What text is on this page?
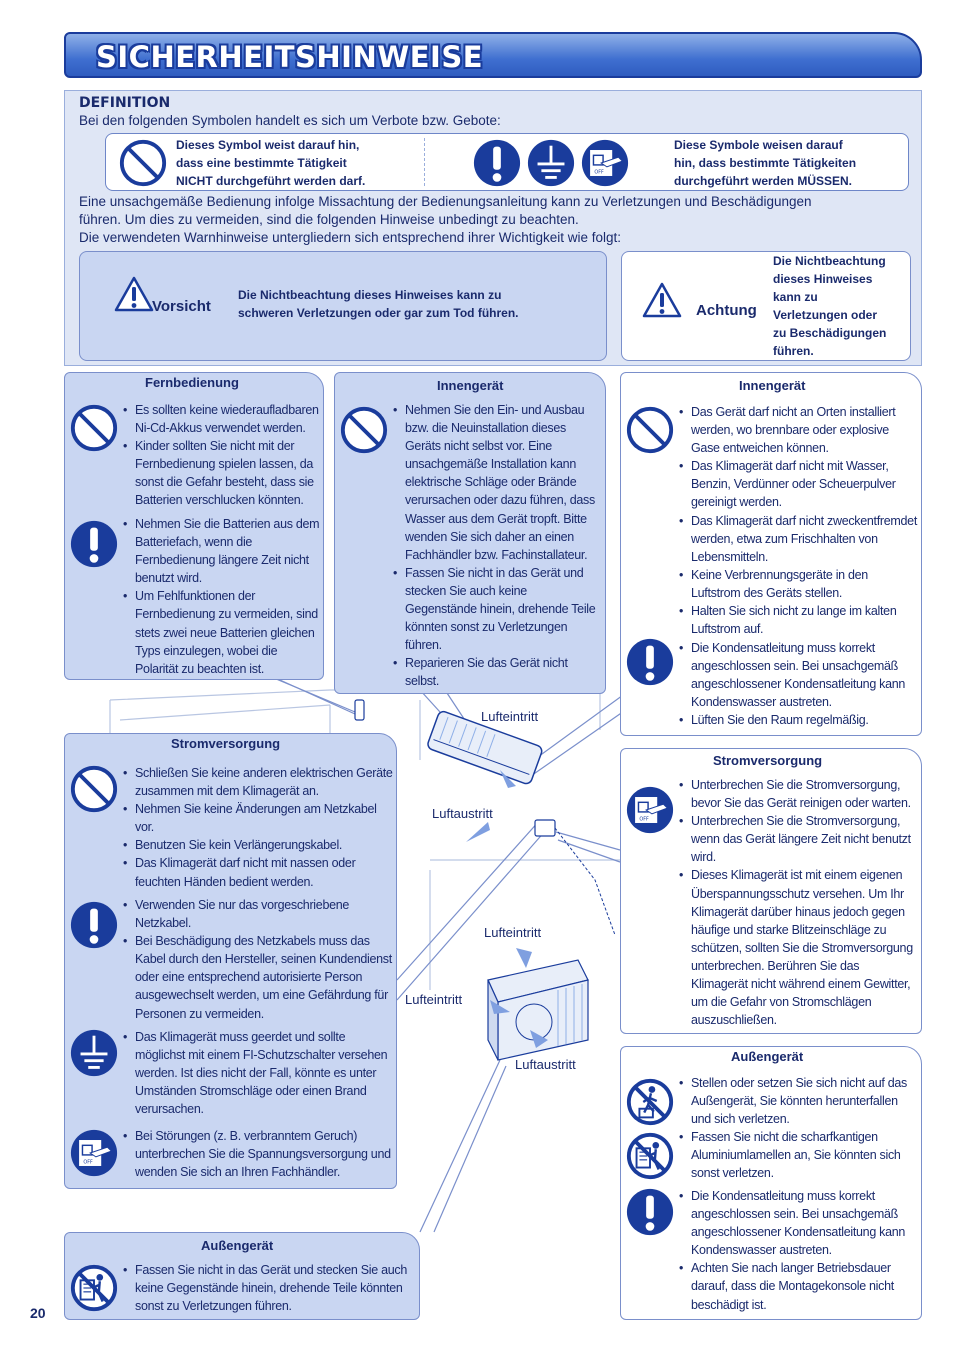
SICHERHEITSHINWEISE
DEFINITION
Bei den folgenden Symbolen handelt es sich um Verbote bzw. Gebote:
Dieses Symbol weist darauf hin,
dass eine bestimmte Tätigkeit
NICHT durchgeführt werden darf.
Diese Symbole weisen darauf
hin, dass bestimmte Tätigkeiten
durchgeführt werden MÜSSEN.
Eine unsachgemäße Bedienung infolge Missachtung der Bedienungsanleitung kann zu Verletzungen und Beschädigungen
führen. Um dies zu vermeiden, sind die folgenden Hinweise unbedingt zu beachten.
Die verwendeten Warnhinweise untergliedern sich entsprechend ihrer Wichtigkeit wie folgt:
Vorsicht
Die Nichtbeachtung dieses Hinweises kann zu
schweren Verletzungen oder gar zum Tod führen.	Achtung
Die Nichtbeachtung
dieses Hinweises
kann zu
Verletzungen oder
zu Beschädigungen
führen.
Lufteintritt
Luftaustritt
Lufteintritt
Lufteintritt
Luftaustritt
Fernbedienung
• Es sollten keine wiederaufladbaren Ni-Cd-Akkus verwendet werden.
• Kinder sollten Sie nicht mit der Fernbedienung spielen lassen, da sonst die Gefahr besteht, dass sie Batterien verschlucken könnten.
• Nehmen Sie die Batterien aus dem Batteriefach, wenn die Fernbedienung längere Zeit nicht benutzt wird.
• Um Fehlfunktionen der Fernbedienung zu vermeiden, sind stets zwei neue Batterien gleichen Typs einzulegen, wobei die Polarität zu beachten ist.
Innengerät
• Nehmen Sie den Ein- und Ausbau bzw. die Neuinstallation dieses Geräts nicht selbst vor. Eine unsachgemäße Installation kann elektrische Schläge oder Brände verursachen oder dazu führen, dass Wasser aus dem Gerät tropft. Bitte wenden Sie sich daher an einen Fachhändler bzw. Fachinstallateur.
• Fassen Sie nicht in das Gerät und stecken Sie auch keine Gegenstände hinein, drehende Teile könnten sonst zu Verletzungen führen.
• Reparieren Sie das Gerät nicht selbst.
Innengerät
• Das Gerät darf nicht an Orten installiert werden, wo brennbare oder explosive Gase entweichen können.
• Das Klimagerät darf nicht mit Wasser, Benzin, Verdünner oder Scheuerpulver gereinigt werden.
• Das Klimagerät darf nicht zweckentfremdet werden, etwa zum Frischhalten von Lebensmitteln.
• Keine Verbrennungsgeräte in den Luftstrom des Geräts stellen.
• Halten Sie sich nicht zu lange im kalten Luftstrom auf.
• Die Kondensatleitung muss korrekt angeschlossen sein. Bei unsachgemäß angeschlossener Kondensatleitung kann Kondenswasser austreten.
• Lüften Sie den Raum regelmäßig.
Stromversorgung
• Schließen Sie keine anderen elektrischen Geräte zusammen mit dem Klimagerät an.
• Nehmen Sie keine Änderungen am Netzkabel vor.
• Benutzen Sie kein Verlängerungskabel.
• Das Klimagerät darf nicht mit nassen oder feuchten Händen bedient werden.
• Verwenden Sie nur das vorgeschriebene Netzkabel.
• Bei Beschädigung des Netzkabels muss das Kabel durch den Hersteller, seinen Kundendienst oder eine entsprechend autorisierte Person ausgewechselt werden, um eine Gefährdung für Personen zu vermeiden.
• Das Klimagerät muss geerdet und sollte möglichst mit einem FI-Schutzschalter versehen werden. Ist dies nicht der Fall, könnte es unter Umständen Stromschläge oder einen Brand verursachen.
• Bei Störungen (z. B. verbranntem Geruch) unterbrechen Sie die Spannungsversorgung und wenden Sie sich an Ihren Fachhändler.
Stromversorgung
• Unterbrechen Sie die Stromversorgung, bevor Sie das Gerät reinigen oder warten.
• Unterbrechen Sie die Stromversorgung, wenn das Gerät längere Zeit nicht benutzt wird.
• Dieses Klimagerät ist mit einem eigenen Überspannungsschutz versehen. Um Ihr Klimagerät darüber hinaus jedoch gegen häufige und starke Blitzeinschläge zu schützen, sollten Sie die Stromversorgung unterbrechen. Berühren Sie das Klimagerät nicht während einem Gewitter, um die Gefahr von Stromschlägen auszuschließen.
Außengerät
• Fassen Sie nicht in das Gerät und stecken Sie auch keine Gegenstände hinein, drehende Teile könnten sonst zu Verletzungen führen.
Außengerät
• Stellen oder setzen Sie sich nicht auf das Außengerät, Sie könnten herunterfallen und sich verletzen.
• Fassen Sie nicht die scharfkantigen Aluminiumlamellen an, Sie könnten sich sonst verletzen.
• Die Kondensatleitung muss korrekt angeschlossen sein. Bei unsachgemäß angeschlossener Kondensatleitung kann Kondenswasser austreten.
• Achten Sie nach langer Betriebsdauer darauf, dass die Montagekonsole nicht beschädigt ist.
20
